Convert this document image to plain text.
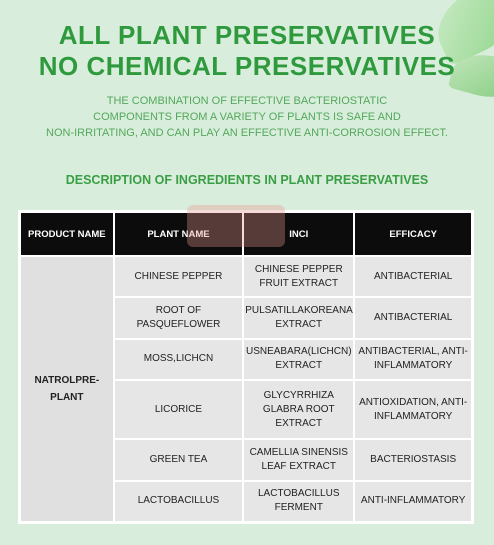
ALL PLANT PRESERVATIVES
NO CHEMICAL PRESERVATIVES
THE COMBINATION OF EFFECTIVE BACTERIOSTATIC
COMPONENTS FROM A VARIETY OF PLANTS IS SAFE AND
NON-IRRITATING, AND CAN PLAY AN EFFECTIVE ANTI-CORROSION EFFECT.
DESCRIPTION OF INGREDIENTS IN PLANT PRESERVATIVES
PRODUCT NAME	PLANT NAME	INCI	EFFICACY
NATROLPRE-PLANT	CHINESE PEPPER	CHINESE PEPPER FRUIT EXTRACT	ANTIBACTERIAL
	ROOT OF PASQUEFLOWER	PULSATILLAKOREANA EXTRACT	ANTIBACTERIAL
	MOSS,LICHCN	USNEABARA(LICHCN) EXTRACT	ANTIBACTERIAL, ANTI-INFLAMMATORY
	LICORICE	GLYCYRRHIZA GLABRA ROOT EXTRACT	ANTIOXIDATION, ANTI-INFLAMMATORY
	GREEN TEA	CAMELLIA SINENSIS LEAF EXTRACT	BACTERIOSTASIS
	LACTOBACILLUS	LACTOBACILLUS FERMENT	ANTI-INFLAMMATORY
